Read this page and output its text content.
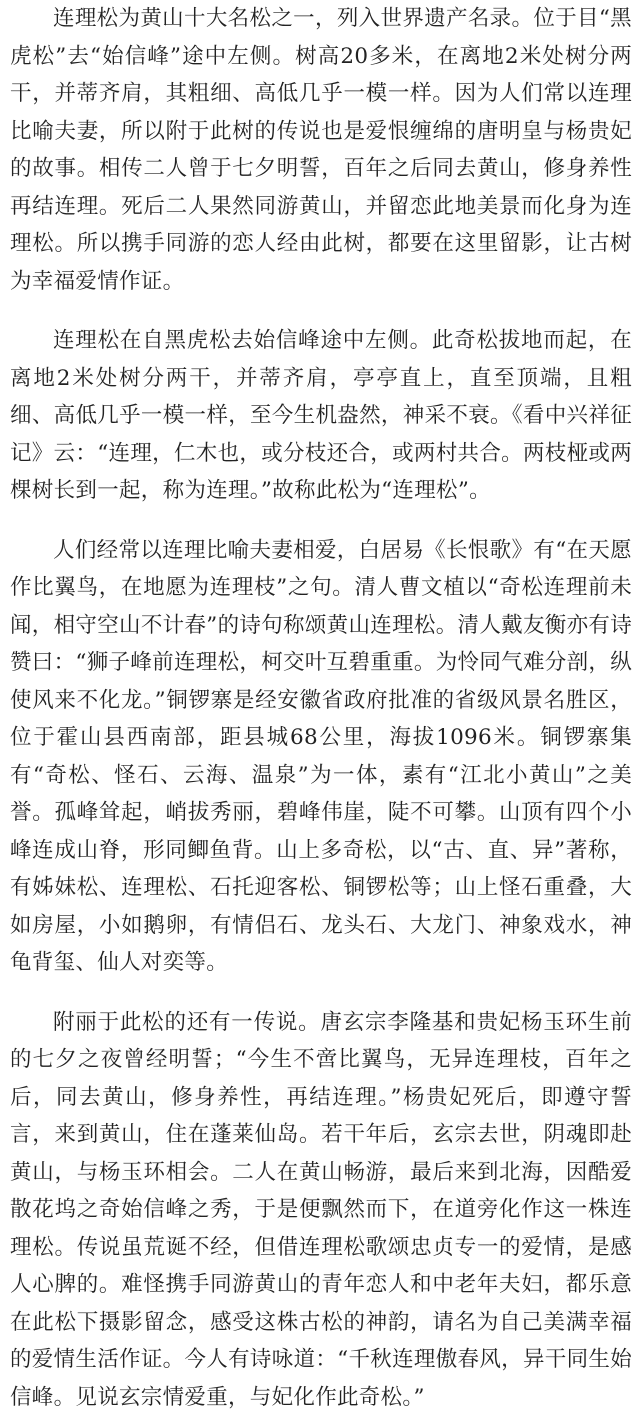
连理松为黄山十大名松之一，列入世界遗产名录。位于目“黑虎松”去“始信峰”途中左侧。树高20多米，在离地2米处树分两干，并蒂齐肩，其粗细、高低几乎一模一样。因为人们常以连理比喻夫妻，所以附于此树的传说也是爱恨缠绵的唐明皇与杨贵妃的故事。相传二人曾于七夕明誓，百年之后同去黄山，修身养性再结连理。死后二人果然同游黄山，并留恋此地美景而化身为连理松。所以携手同游的恋人经由此树，都要在这里留影，让古树为幸福爱情作证。

连理松在自黑虎松去始信峰途中左侧。此奇松拔地而起，在离地2米处树分两干，并蒂齐肩，亭亭直上，直至顶端，且粗细、高低几乎一模一样，至今生机盎然，神采不衰。《看中兴祥征记》云：“连理，仁木也，或分枝还合，或两村共合。两枝桠或两棵树长到一起，称为连理。”故称此松为“连理松”。

人们经常以连理比喻夫妻相爱，白居易《长恨歌》有“在天愿作比翼鸟，在地愿为连理枝”之句。清人曹文植以“奇松连理前未闻，相守空山不计春”的诗句称颂黄山连理松。清人戴友衡亦有诗赞曰：“狮子峰前连理松，柯交叶互碧重重。为怜同气难分剖，纵使风来不化龙。”铜锣寨是经安徽省政府批准的省级风景名胜区，位于霍山县西南部，距县城68公里，海拔1096米。铜锣寨集有“奇松、怪石、云海、温泉”为一体，素有“江北小黄山”之美誉。孤峰耸起，峭拔秀丽，碧峰伟崖，陡不可攀。山顶有四个小峰连成山脊，形同鲫鱼背。山上多奇松，以“古、直、异”著称，有姊妹松、连理松、石托迎客松、铜锣松等；山上怪石重叠，大如房屋，小如鹅卵，有情侣石、龙头石、大龙门、神象戏水，神龟背玺、仙人对奕等。

附丽于此松的还有一传说。唐玄宗李隆基和贵妃杨玉环生前的七夕之夜曾经明誓；“今生不啻比翼鸟，无异连理枝，百年之后，同去黄山，修身养性，再结连理。”杨贵妃死后，即遵守誓言，来到黄山，住在蓬莱仙岛。若干年后，玄宗去世，阴魂即赴黄山，与杨玉环相会。二人在黄山畅游，最后来到北海，因酷爱散花坞之奇始信峰之秀，于是便飘然而下，在道旁化作这一株连理松。传说虽荒诞不经，但借连理松歌颂忠贞专一的爱情，是感人心脾的。难怪携手同游黄山的青年恋人和中老年夫妇，都乐意在此松下摄影留念，感受这株古松的神韵，请名为自己美满幸福的爱情生活作证。今人有诗咏道：“千秋连理傲春风，异干同生始信峰。见说玄宗情爱重，与妃化作此奇松。”
